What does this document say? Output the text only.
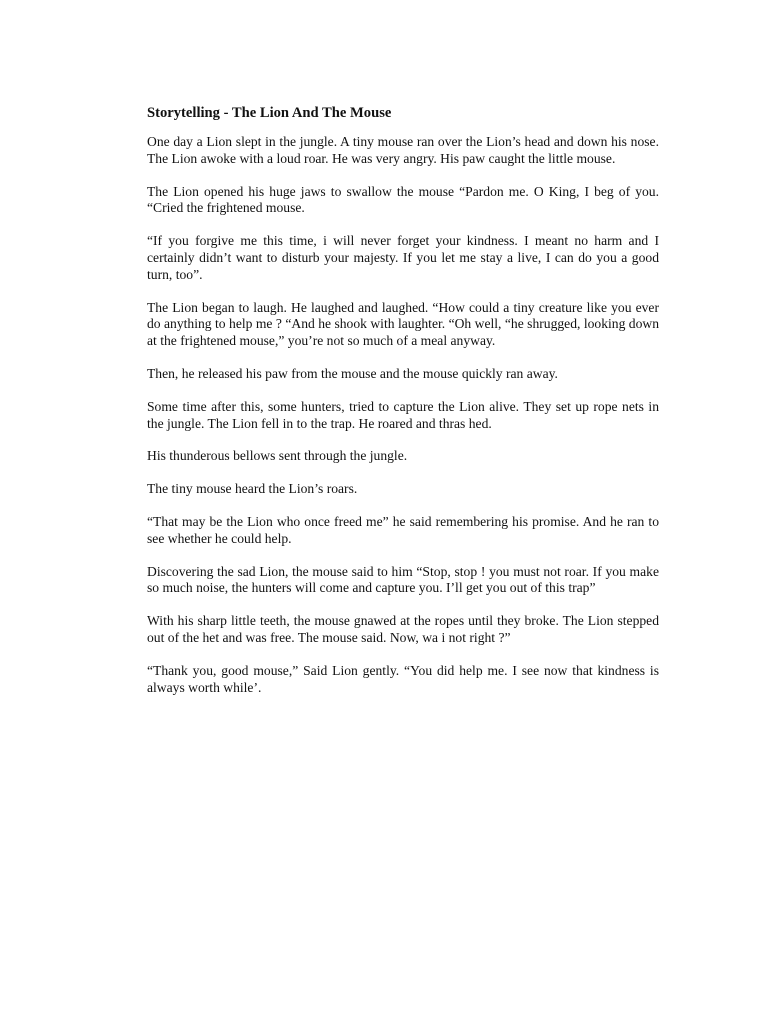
Storytelling - The Lion And The Mouse

One day a Lion slept in the jungle. A tiny mouse ran over the Lion’s head and down his nose. The Lion awoke with a loud roar. He was very angry. His paw caught the little mouse.

The Lion opened his huge jaws to swallow the mouse “Pardon me. O King, I beg of you. “Cried the frightened mouse.

“If you forgive me this time, i will never forget your kindness. I meant no harm and I certainly didn’t want to disturb your majesty. If you let me stay a live, I can do you a good turn, too”.

The Lion began to laugh. He laughed and laughed. “How could a tiny creature like you ever do anything to help me ? “And he shook with laughter. “Oh well, “he shrugged, looking down at the frightened mouse,” you’re not so much of a meal anyway.

Then, he released his paw from the mouse and the mouse quickly ran away.

Some time after this, some hunters, tried to capture the Lion alive. They set up rope nets in the jungle. The Lion fell in to the trap. He roared and thras hed.

His thunderous bellows sent through the jungle.

The tiny mouse heard the Lion’s roars.

“That may be the Lion who once freed me” he said remembering his promise. And he ran to see whether he could help.

Discovering the sad Lion, the mouse said to him “Stop, stop ! you must not roar. If you make so much noise, the hunters will come and capture you. I’ll get you out of this trap”

With his sharp little teeth, the mouse gnawed at the ropes until they broke. The Lion stepped out of the het and was free. The mouse said. Now, wa i not right ?”

“Thank you, good mouse,” Said Lion gently. “You did help me. I see now that kindness is always worth while’.
